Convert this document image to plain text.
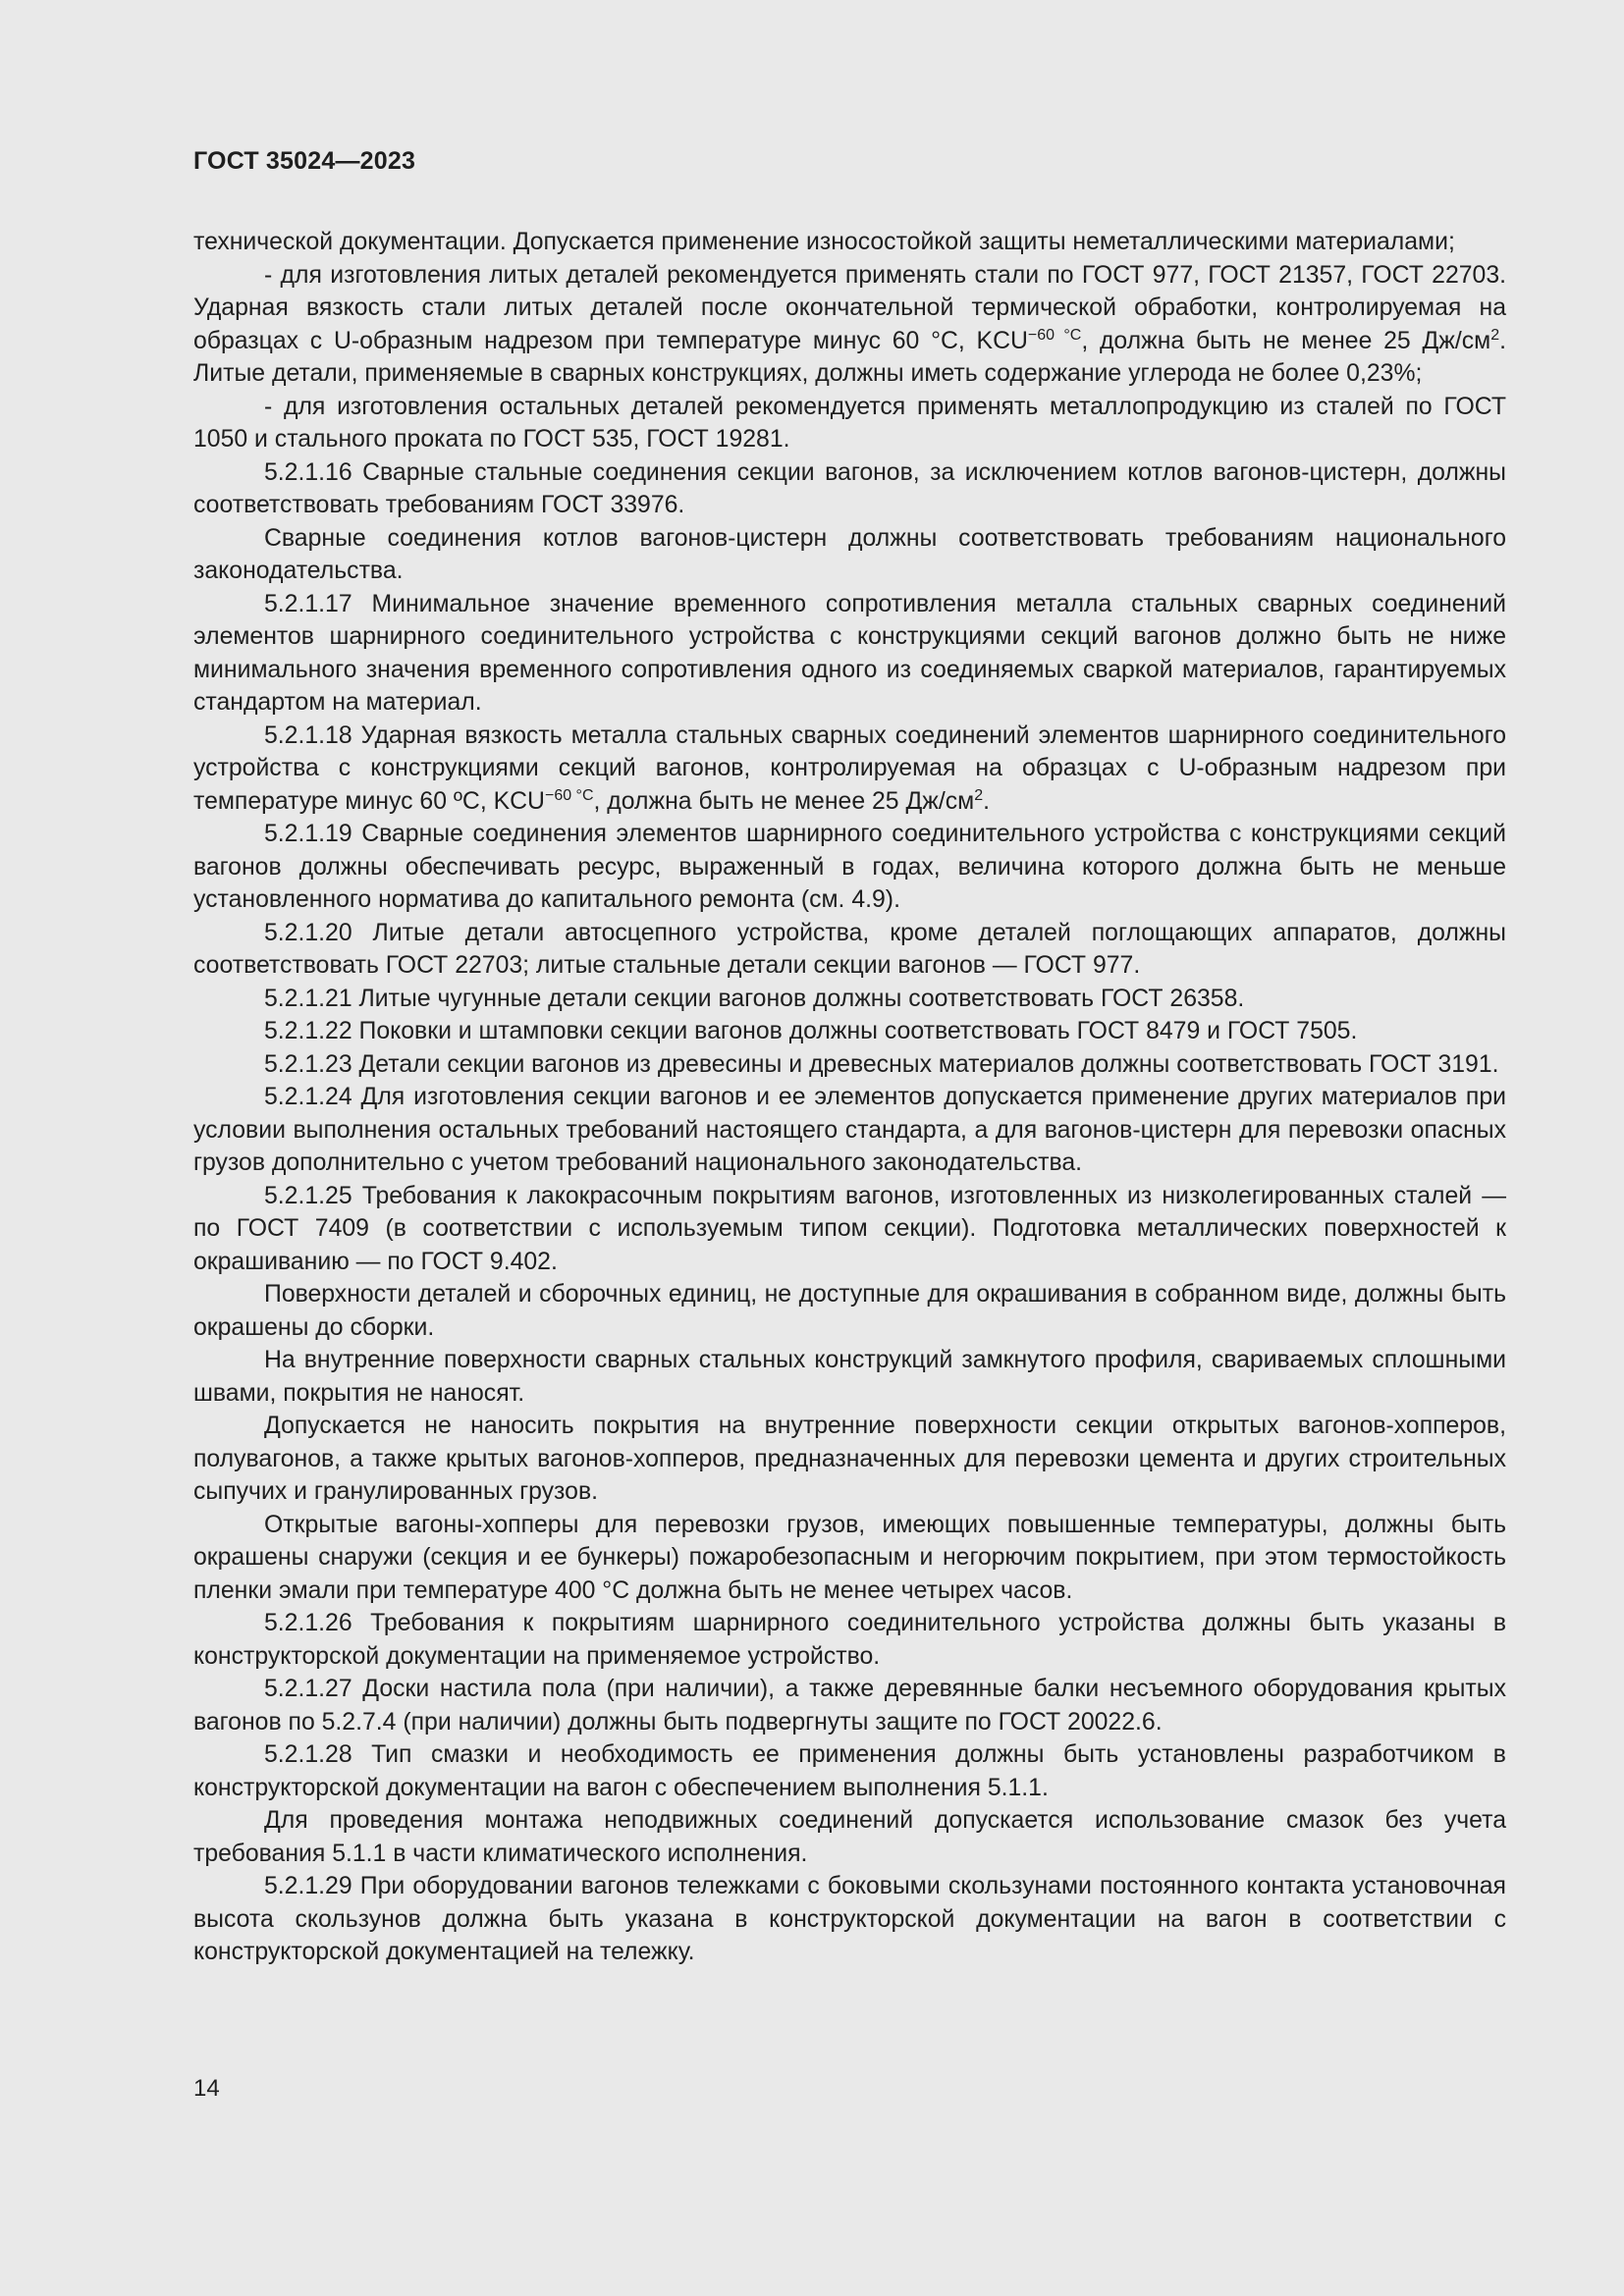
ГОСТ 35024—2023

технической документации. Допускается применение износостойкой защиты неметаллическими материалами;

- для изготовления литых деталей рекомендуется применять стали по ГОСТ 977, ГОСТ 21357, ГОСТ 22703. Ударная вязкость стали литых деталей после окончательной термической обработки, контролируемая на образцах с U-образным надрезом при температуре минус 60 °С, $KCU^{-60 ^\circ С}$, должна быть не менее 25 $Дж/см^2$. Литые детали, применяемые в сварных конструкциях, должны иметь содержание углерода не более 0,23%;

- для изготовления остальных деталей рекомендуется применять металлопродукцию из сталей по ГОСТ 1050 и стального проката по ГОСТ 535, ГОСТ 19281.

5.2.1.16 Сварные стальные соединения секции вагонов, за исключением котлов вагонов-цистерн, должны соответствовать требованиям ГОСТ 33976.

Сварные соединения котлов вагонов-цистерн должны соответствовать требованиям национального законодательства.

5.2.1.17 Минимальное значение временного сопротивления металла стальных сварных соединений элементов шарнирного соединительного устройства с конструкциями секций вагонов должно быть не ниже минимального значения временного сопротивления одного из соединяемых сваркой материалов, гарантируемых стандартом на материал.

5.2.1.18 Ударная вязкость металла стальных сварных соединений элементов шарнирного соединительного устройства с конструкциями секций вагонов, контролируемая на образцах с U-образным надрезом при температуре минус 60 ºС, $KCU^{-60 ^\circ С}$, должна быть не менее 25 $Дж/см^2$.

5.2.1.19 Сварные соединения элементов шарнирного соединительного устройства с конструкциями секций вагонов должны обеспечивать ресурс, выраженный в годах, величина которого должна быть не меньше установленного норматива до капитального ремонта (см. 4.9).

5.2.1.20 Литые детали автосцепного устройства, кроме деталей поглощающих аппаратов, должны соответствовать ГОСТ 22703; литые стальные детали секции вагонов — ГОСТ 977.

5.2.1.21 Литые чугунные детали секции вагонов должны соответствовать ГОСТ 26358.

5.2.1.22 Поковки и штамповки секции вагонов должны соответствовать ГОСТ 8479 и ГОСТ 7505.

5.2.1.23 Детали секции вагонов из древесины и древесных материалов должны соответствовать ГОСТ 3191.

5.2.1.24 Для изготовления секции вагонов и ее элементов допускается применение других материалов при условии выполнения остальных требований настоящего стандарта, а для вагонов-цистерн для перевозки опасных грузов дополнительно с учетом требований национального законодательства.

5.2.1.25 Требования к лакокрасочным покрытиям вагонов, изготовленных из низколегированных сталей — по ГОСТ 7409 (в соответствии с используемым типом секции). Подготовка металлических поверхностей к окрашиванию — по ГОСТ 9.402.

Поверхности деталей и сборочных единиц, не доступные для окрашивания в собранном виде, должны быть окрашены до сборки.

На внутренние поверхности сварных стальных конструкций замкнутого профиля, свариваемых сплошными швами, покрытия не наносят.

Допускается не наносить покрытия на внутренние поверхности секции открытых вагонов-хопперов, полувагонов, а также крытых вагонов-хопперов, предназначенных для перевозки цемента и других строительных сыпучих и гранулированных грузов.

Открытые вагоны-хопперы для перевозки грузов, имеющих повышенные температуры, должны быть окрашены снаружи (секция и ее бункеры) пожаробезопасным и негорючим покрытием, при этом термостойкость пленки эмали при температуре 400 °С должна быть не менее четырех часов.

5.2.1.26 Требования к покрытиям шарнирного соединительного устройства должны быть указаны в конструкторской документации на применяемое устройство.

5.2.1.27 Доски настила пола (при наличии), а также деревянные балки несъемного оборудования крытых вагонов по 5.2.7.4 (при наличии) должны быть подвергнуты защите по ГОСТ 20022.6.

5.2.1.28 Тип смазки и необходимость ее применения должны быть установлены разработчиком в конструкторской документации на вагон с обеспечением выполнения 5.1.1.

Для проведения монтажа неподвижных соединений допускается использование смазок без учета требования 5.1.1 в части климатического исполнения.

5.2.1.29 При оборудовании вагонов тележками с боковыми скользунами постоянного контакта установочная высота скользунов должна быть указана в конструкторской документации на вагон в соответствии с конструкторской документацией на тележку.

14
